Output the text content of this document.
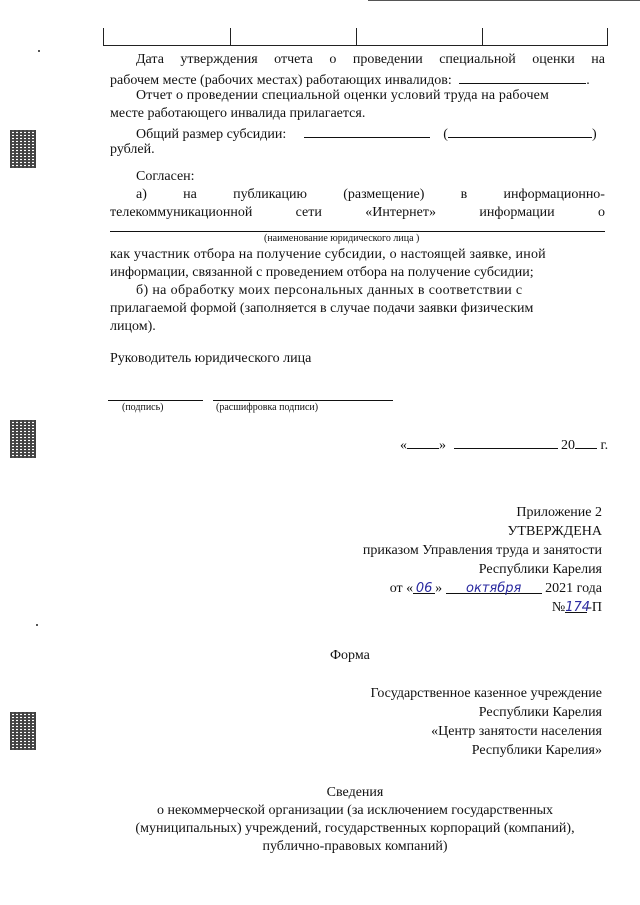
Дата утверждения отчета о проведении специальной оценки на
рабочем месте (рабочих местах) работающих инвалидов:	.
Отчет о проведении специальной оценки условий труда на рабочем
месте работающего инвалида прилагается.
Общий размер субсидии:	(	)
рублей.
Согласен:
а)	на	публикацию	(размещение)	в	информационно-
телекоммуникационной	сети	«Интернет»	информации	о
(наименование юридического лица )
как участник отбора на получение субсидии, о настоящей заявке, иной
информации, связанной с проведением отбора на получение субсидии;
б) на обработку моих персональных данных в соответствии с
прилагаемой формой (заполняется в случае подачи заявки физическим
лицом).
Руководитель юридического лица
(подпись)	(расшифровка подписи)
« »	20 г.
Приложение 2
УТВЕРЖДЕНА
приказом Управления труда и занятости
Республики Карелия
от « 06 » октября 2021 года
№174-П
Форма
Государственное казенное учреждение
Республики Карелия
«Центр занятости населения
Республики Карелия»
Сведения
о некоммерческой организации (за исключением государственных
(муниципальных) учреждений, государственных корпораций (компаний),
публично-правовых компаний)
